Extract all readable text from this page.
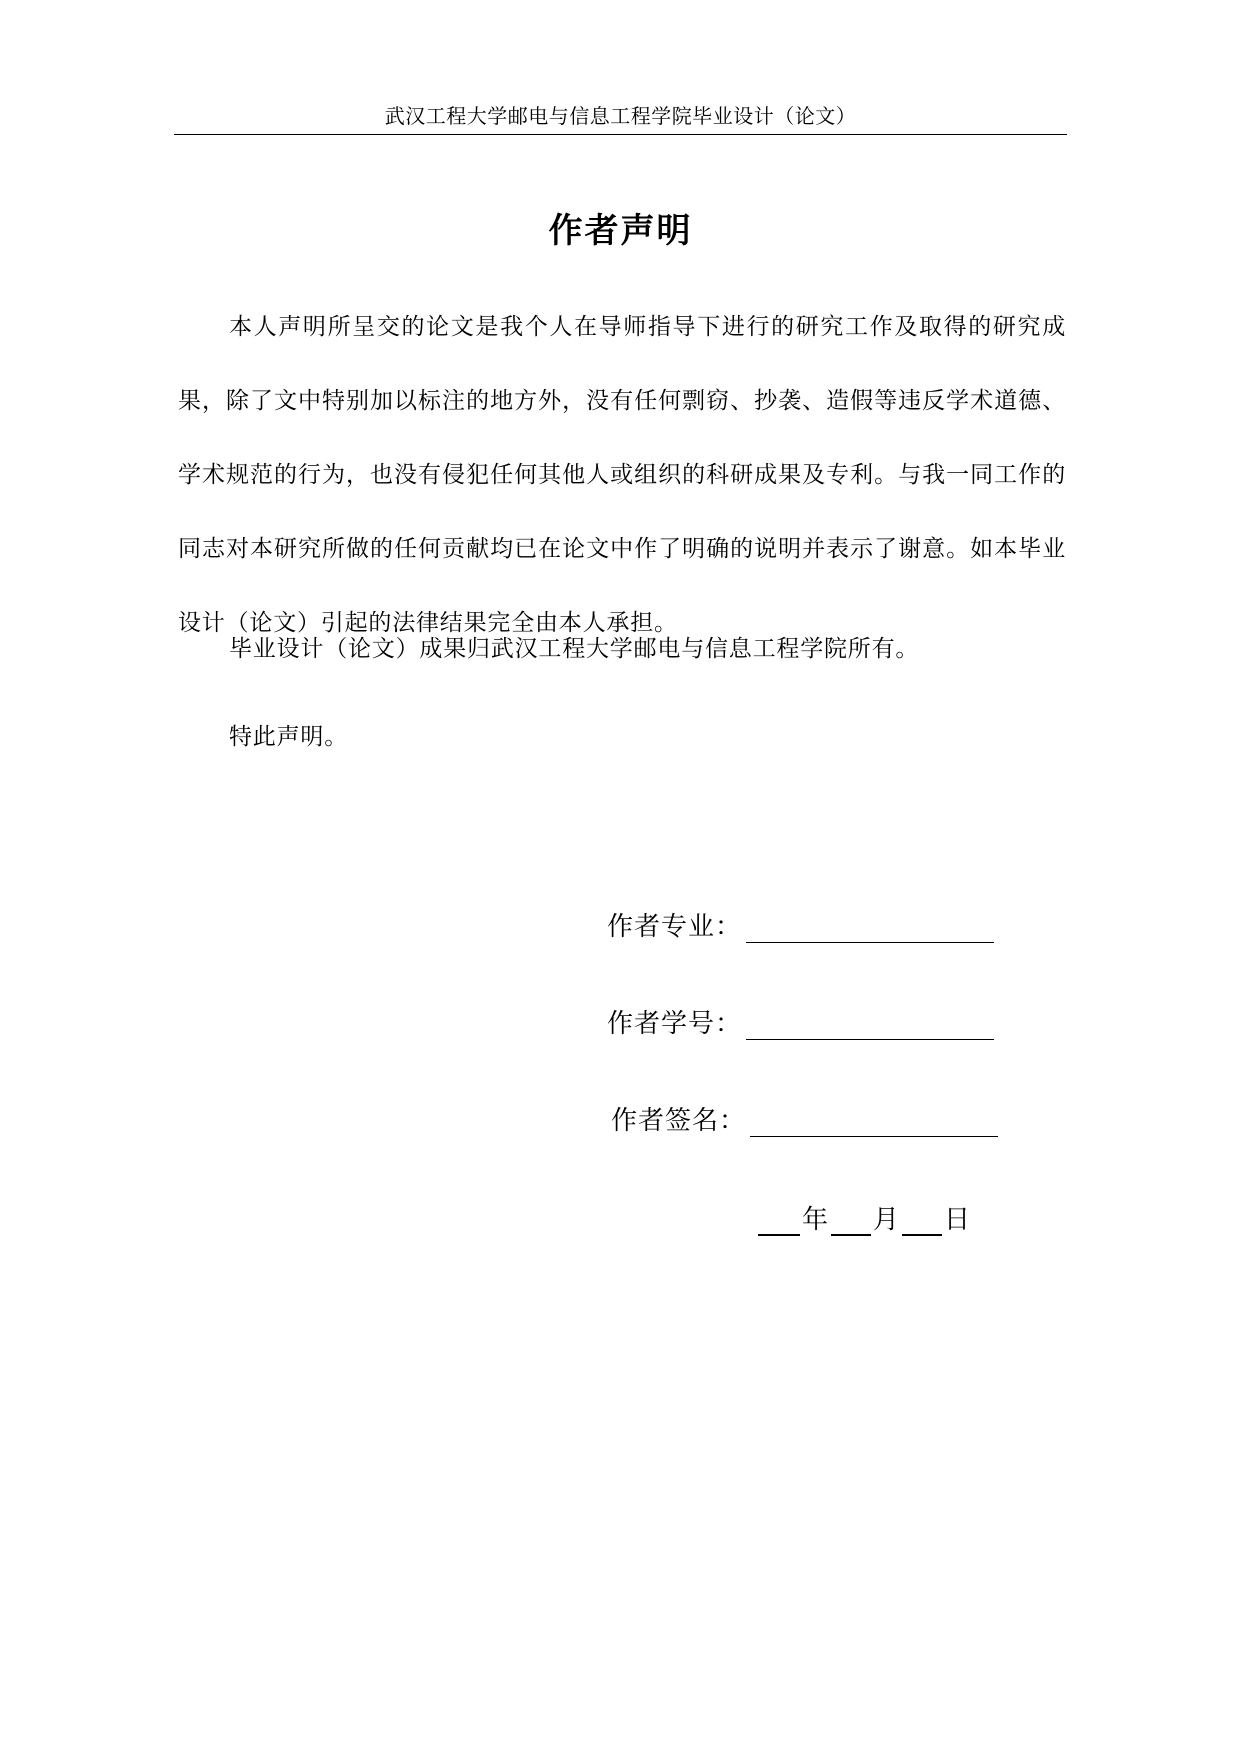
武汉工程大学邮电与信息工程学院毕业设计（论文）
作者声明

本人声明所呈交的论文是我个人在导师指导下进行的研究工作及取得的研究成果，除了文中特别加以标注的地方外，没有任何剽窃、抄袭、造假等违反学术道德、学术规范的行为，也没有侵犯任何其他人或组织的科研成果及专利。与我一同工作的同志对本研究所做的任何贡献均已在论文中作了明确的说明并表示了谢意。如本毕业设计（论文）引起的法律结果完全由本人承担。

毕业设计（论文）成果归武汉工程大学邮电与信息工程学院所有。

特此声明。

作者专业：
作者学号：
作者签名：
年 月 日
